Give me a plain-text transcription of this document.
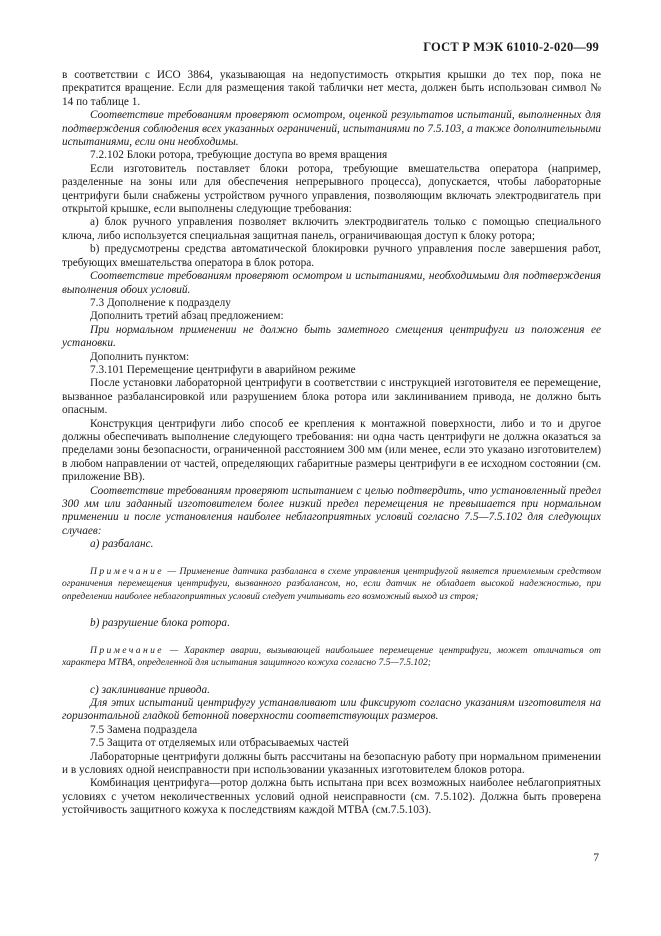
ГОСТ Р МЭК 61010-2-020—99

в соответствии с ИСО 3864, указывающая на недопустимость открытия крышки до тех пор, пока не прекратится вращение. Если для размещения такой таблички нет места, должен быть использован символ № 14 по таблице 1.

Соответствие требованиям проверяют осмотром, оценкой результатов испытаний, выполненных для подтверждения соблюдения всех указанных ограничений, испытаниями по 7.5.103, а также дополнительными испытаниями, если они необходимы.

7.2.102 Блоки ротора, требующие доступа во время вращения

Если изготовитель поставляет блоки ротора, требующие вмешательства оператора (например, разделенные на зоны или для обеспечения непрерывного процесса), допускается, чтобы лабораторные центрифуги были снабжены устройством ручного управления, позволяющим включать электродвигатель при открытой крышке, если выполнены следующие требования:

а) блок ручного управления позволяет включить электродвигатель только с помощью специального ключа, либо используется специальная защитная панель, ограничивающая доступ к блоку ротора;

b) предусмотрены средства автоматической блокировки ручного управления после завершения работ, требующих вмешательства оператора в блок ротора.

Соответствие требованиям проверяют осмотром и испытаниями, необходимыми для подтверждения выполнения обоих условий.

7.3 Дополнение к подразделу

Дополнить третий абзац предложением:

При нормальном применении не должно быть заметного смещения центрифуги из положения ее установки.

Дополнить пунктом:

7.3.101 Перемещение центрифуги в аварийном режиме

После установки лабораторной центрифуги в соответствии с инструкцией изготовителя ее перемещение, вызванное разбалансировкой или разрушением блока ротора или заклиниванием привода, не должно быть опасным.

Конструкция центрифуги либо способ ее крепления к монтажной поверхности, либо и то и другое должны обеспечивать выполнение следующего требования: ни одна часть центрифуги не должна оказаться за пределами зоны безопасности, ограниченной расстоянием 300 мм (или менее, если это указано изготовителем) в любом направлении от частей, определяющих габаритные размеры центрифуги в ее исходном состоянии (см. приложение ВВ).

Соответствие требованиям проверяют испытанием с целью подтвердить, что установленный предел 300 мм или заданный изготовителем более низкий предел перемещения не превышается при нормальном применении и после установления наиболее неблагоприятных условий согласно 7.5—7.5.102 для следующих случаев:

а) разбаланс.

Примечание — Применение датчика разбаланса в схеме управления центрифугой является приемлемым средством ограничения перемещения центрифуги, вызванного разбалансом, но, если датчик не обладает высокой надежностью, при определении наиболее неблагоприятных условий следует учитывать его возможный выход из строя;

b) разрушение блока ротора.

Примечание — Характер аварии, вызывающей наибольшее перемещение центрифуги, может отличаться от характера МТВА, определенной для испытания защитного кожуха согласно 7.5—7.5.102;

с) заклинивание привода.

Для этих испытаний центрифугу устанавливают или фиксируют согласно указаниям изготовителя на горизонтальной гладкой бетонной поверхности соответствующих размеров.

7.5 Замена подраздела

7.5 Защита от отделяемых или отбрасываемых частей

Лабораторные центрифуги должны быть рассчитаны на безопасную работу при нормальном применении и в условиях одной неисправности при использовании указанных изготовителем блоков ротора.

Комбинация центрифуга—ротор должна быть испытана при всех возможных наиболее неблагоприятных условиях с учетом неколичественных условий одной неисправности (см. 7.5.102). Должна быть проверена устойчивость защитного кожуха к последствиям каждой МТВА (см.7.5.103).

7
